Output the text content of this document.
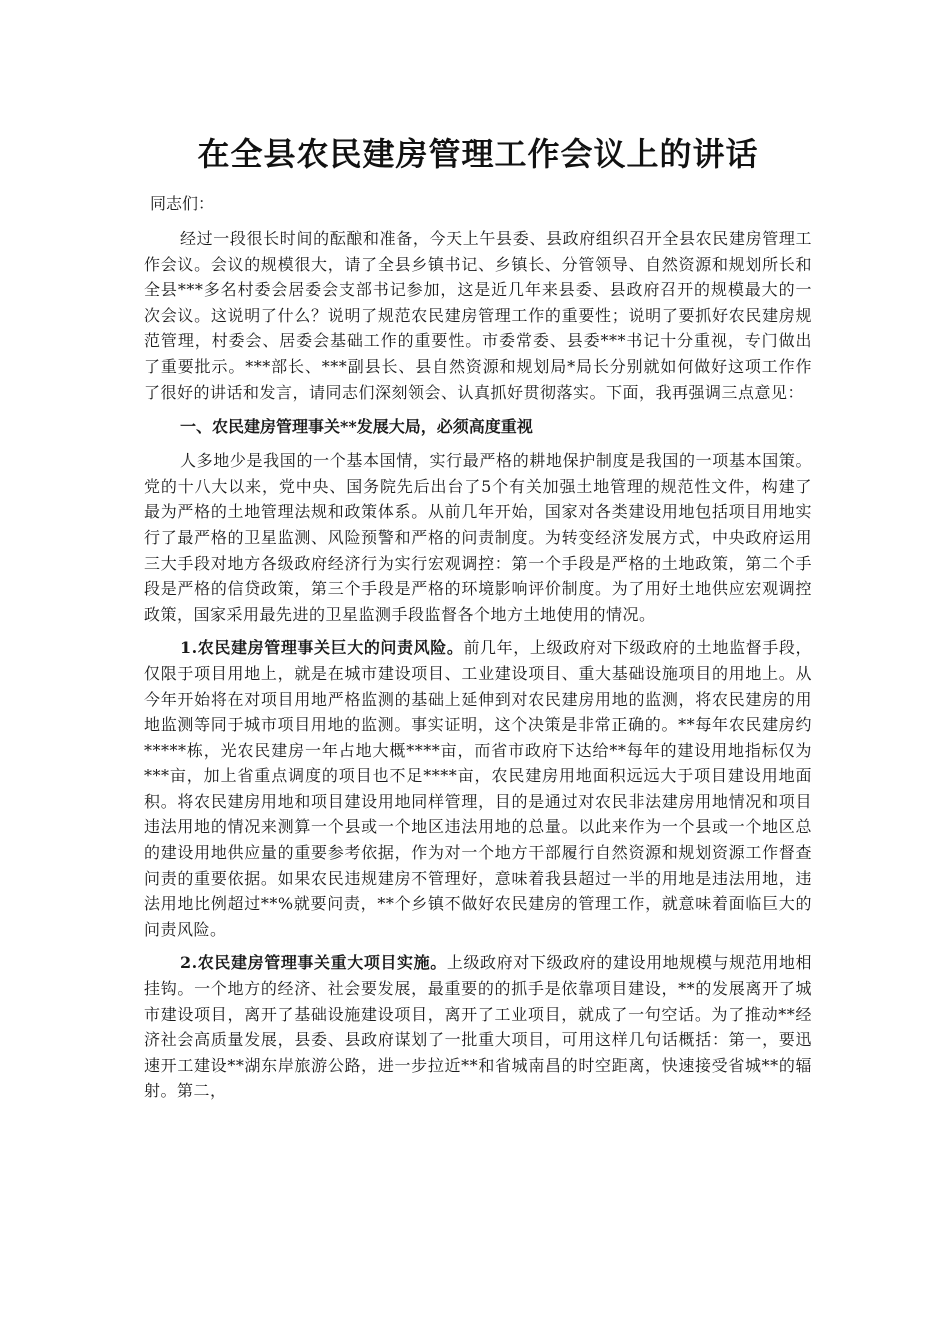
在全县农民建房管理工作会议上的讲话
同志们：

经过一段很长时间的酝酿和准备，今天上午县委、县政府组织召开全县农民建房管理工作会议。会议的规模很大，请了全县乡镇书记、乡镇长、分管领导、自然资源和规划所长和全县***多名村委会居委会支部书记参加，这是近几年来县委、县政府召开的规模最大的一次会议。这说明了什么？说明了规范农民建房管理工作的重要性；说明了要抓好农民建房规范管理，村委会、居委会基础工作的重要性。市委常委、县委***书记十分重视，专门做出了重要批示。***部长、***副县长、县自然资源和规划局*局长分别就如何做好这项工作作了很好的讲话和发言，请同志们深刻领会、认真抓好贯彻落实。下面，我再强调三点意见：

一、农民建房管理事关**发展大局，必须高度重视

人多地少是我国的一个基本国情，实行最严格的耕地保护制度是我国的一项基本国策。党的十八大以来，党中央、国务院先后出台了5个有关加强土地管理的规范性文件，构建了最为严格的土地管理法规和政策体系。从前几年开始，国家对各类建设用地包括项目用地实行了最严格的卫星监测、风险预警和严格的问责制度。为转变经济发展方式，中央政府运用三大手段对地方各级政府经济行为实行宏观调控：第一个手段是严格的土地政策，第二个手段是严格的信贷政策，第三个手段是严格的环境影响评价制度。为了用好土地供应宏观调控政策，国家采用最先进的卫星监测手段监督各个地方土地使用的情况。

1.农民建房管理事关巨大的问责风险。前几年，上级政府对下级政府的土地监督手段，仅限于项目用地上，就是在城市建设项目、工业建设项目、重大基础设施项目的用地上。从今年开始将在对项目用地严格监测的基础上延伸到对农民建房用地的监测，将农民建房的用地监测等同于城市项目用地的监测。事实证明，这个决策是非常正确的。**每年农民建房约*****栋，光农民建房一年占地大概****亩，而省市政府下达给**每年的建设用地指标仅为***亩，加上省重点调度的项目也不足****亩，农民建房用地面积远远大于项目建设用地面积。将农民建房用地和项目建设用地同样管理，目的是通过对农民非法建房用地情况和项目违法用地的情况来测算一个县或一个地区违法用地的总量。以此来作为一个县或一个地区总的建设用地供应量的重要参考依据，作为对一个地方干部履行自然资源和规划资源工作督查问责的重要依据。如果农民违规建房不管理好，意味着我县超过一半的用地是违法用地，违法用地比例超过**%就要问责，**个乡镇不做好农民建房的管理工作，就意味着面临巨大的问责风险。

2.农民建房管理事关重大项目实施。上级政府对下级政府的建设用地规模与规范用地相挂钩。一个地方的经济、社会要发展，最重要的的抓手是依靠项目建设，**的发展离开了城市建设项目，离开了基础设施建设项目，离开了工业项目，就成了一句空话。为了推动**经济社会高质量发展，县委、县政府谋划了一批重大项目，可用这样几句话概括：第一，要迅速开工建设**湖东岸旅游公路，进一步拉近**和省城南昌的时空距离，快速接受省城**的辐射。第二，
